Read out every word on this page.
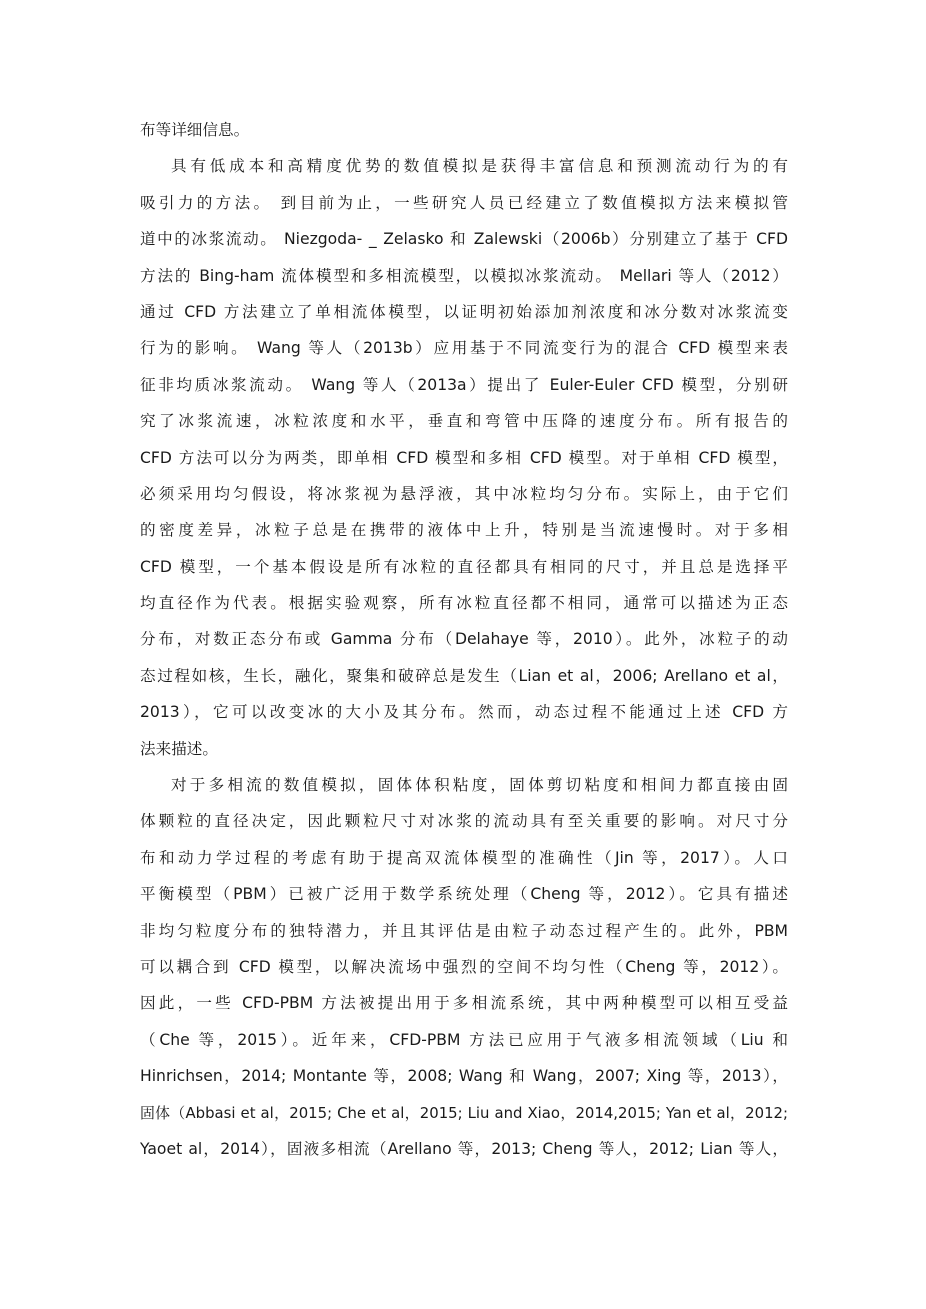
布等详细信息。
具有低成本和高精度优势的数值模拟是获得丰富信息和预测流动行为的有
吸引力的方法。 到目前为止，一些研究人员已经建立了数值模拟方法来模拟管
道中的冰浆流动。 Niezgoda- _ Zelasko 和 Zalewski（2006b）分别建立了基于 CFD
方法的 Bing-ham 流体模型和多相流模型，以模拟冰浆流动。 Mellari 等人（2012）
通过 CFD 方法建立了单相流体模型，以证明初始添加剂浓度和冰分数对冰浆流变
行为的影响。 Wang 等人（2013b）应用基于不同流变行为的混合 CFD 模型来表
征非均质冰浆流动。 Wang 等人（2013a）提出了 Euler-Euler CFD 模型，分别研
究了冰浆流速，冰粒浓度和水平，垂直和弯管中压降的速度分布。所有报告的
CFD 方法可以分为两类，即单相 CFD 模型和多相 CFD 模型。对于单相 CFD 模型，
必须采用均匀假设，将冰浆视为悬浮液，其中冰粒均匀分布。实际上，由于它们
的密度差异，冰粒子总是在携带的液体中上升，特别是当流速慢时。对于多相
CFD 模型，一个基本假设是所有冰粒的直径都具有相同的尺寸，并且总是选择平
均直径作为代表。根据实验观察，所有冰粒直径都不相同，通常可以描述为正态
分布，对数正态分布或 Gamma 分布（Delahaye 等，2010）。此外，冰粒子的动
态过程如核，生长，融化，聚集和破碎总是发生（Lian et al，2006; Arellano et al，
2013），它可以改变冰的大小及其分布。然而，动态过程不能通过上述 CFD 方
法来描述。
对于多相流的数值模拟，固体体积粘度，固体剪切粘度和相间力都直接由固
体颗粒的直径决定，因此颗粒尺寸对冰浆的流动具有至关重要的影响。对尺寸分
布和动力学过程的考虑有助于提高双流体模型的准确性（Jin 等，2017）。人口
平衡模型（PBM）已被广泛用于数学系统处理（Cheng 等，2012）。它具有描述
非均匀粒度分布的独特潜力，并且其评估是由粒子动态过程产生的。此外，PBM
可以耦合到 CFD 模型，以解决流场中强烈的空间不均匀性（Cheng 等，2012）。
因此，一些 CFD-PBM 方法被提出用于多相流系统，其中两种模型可以相互受益
（Che 等，2015）。近年来，CFD-PBM 方法已应用于气液多相流领域（Liu 和
Hinrichsen，2014; Montante 等，2008; Wang 和 Wang，2007; Xing 等，2013），
固体（Abbasi et al，2015; Che et al，2015; Liu and Xiao，2014,2015; Yan et al，2012;
Yaoet al，2014），固液多相流（Arellano 等，2013; Cheng 等人，2012; Lian 等人，
